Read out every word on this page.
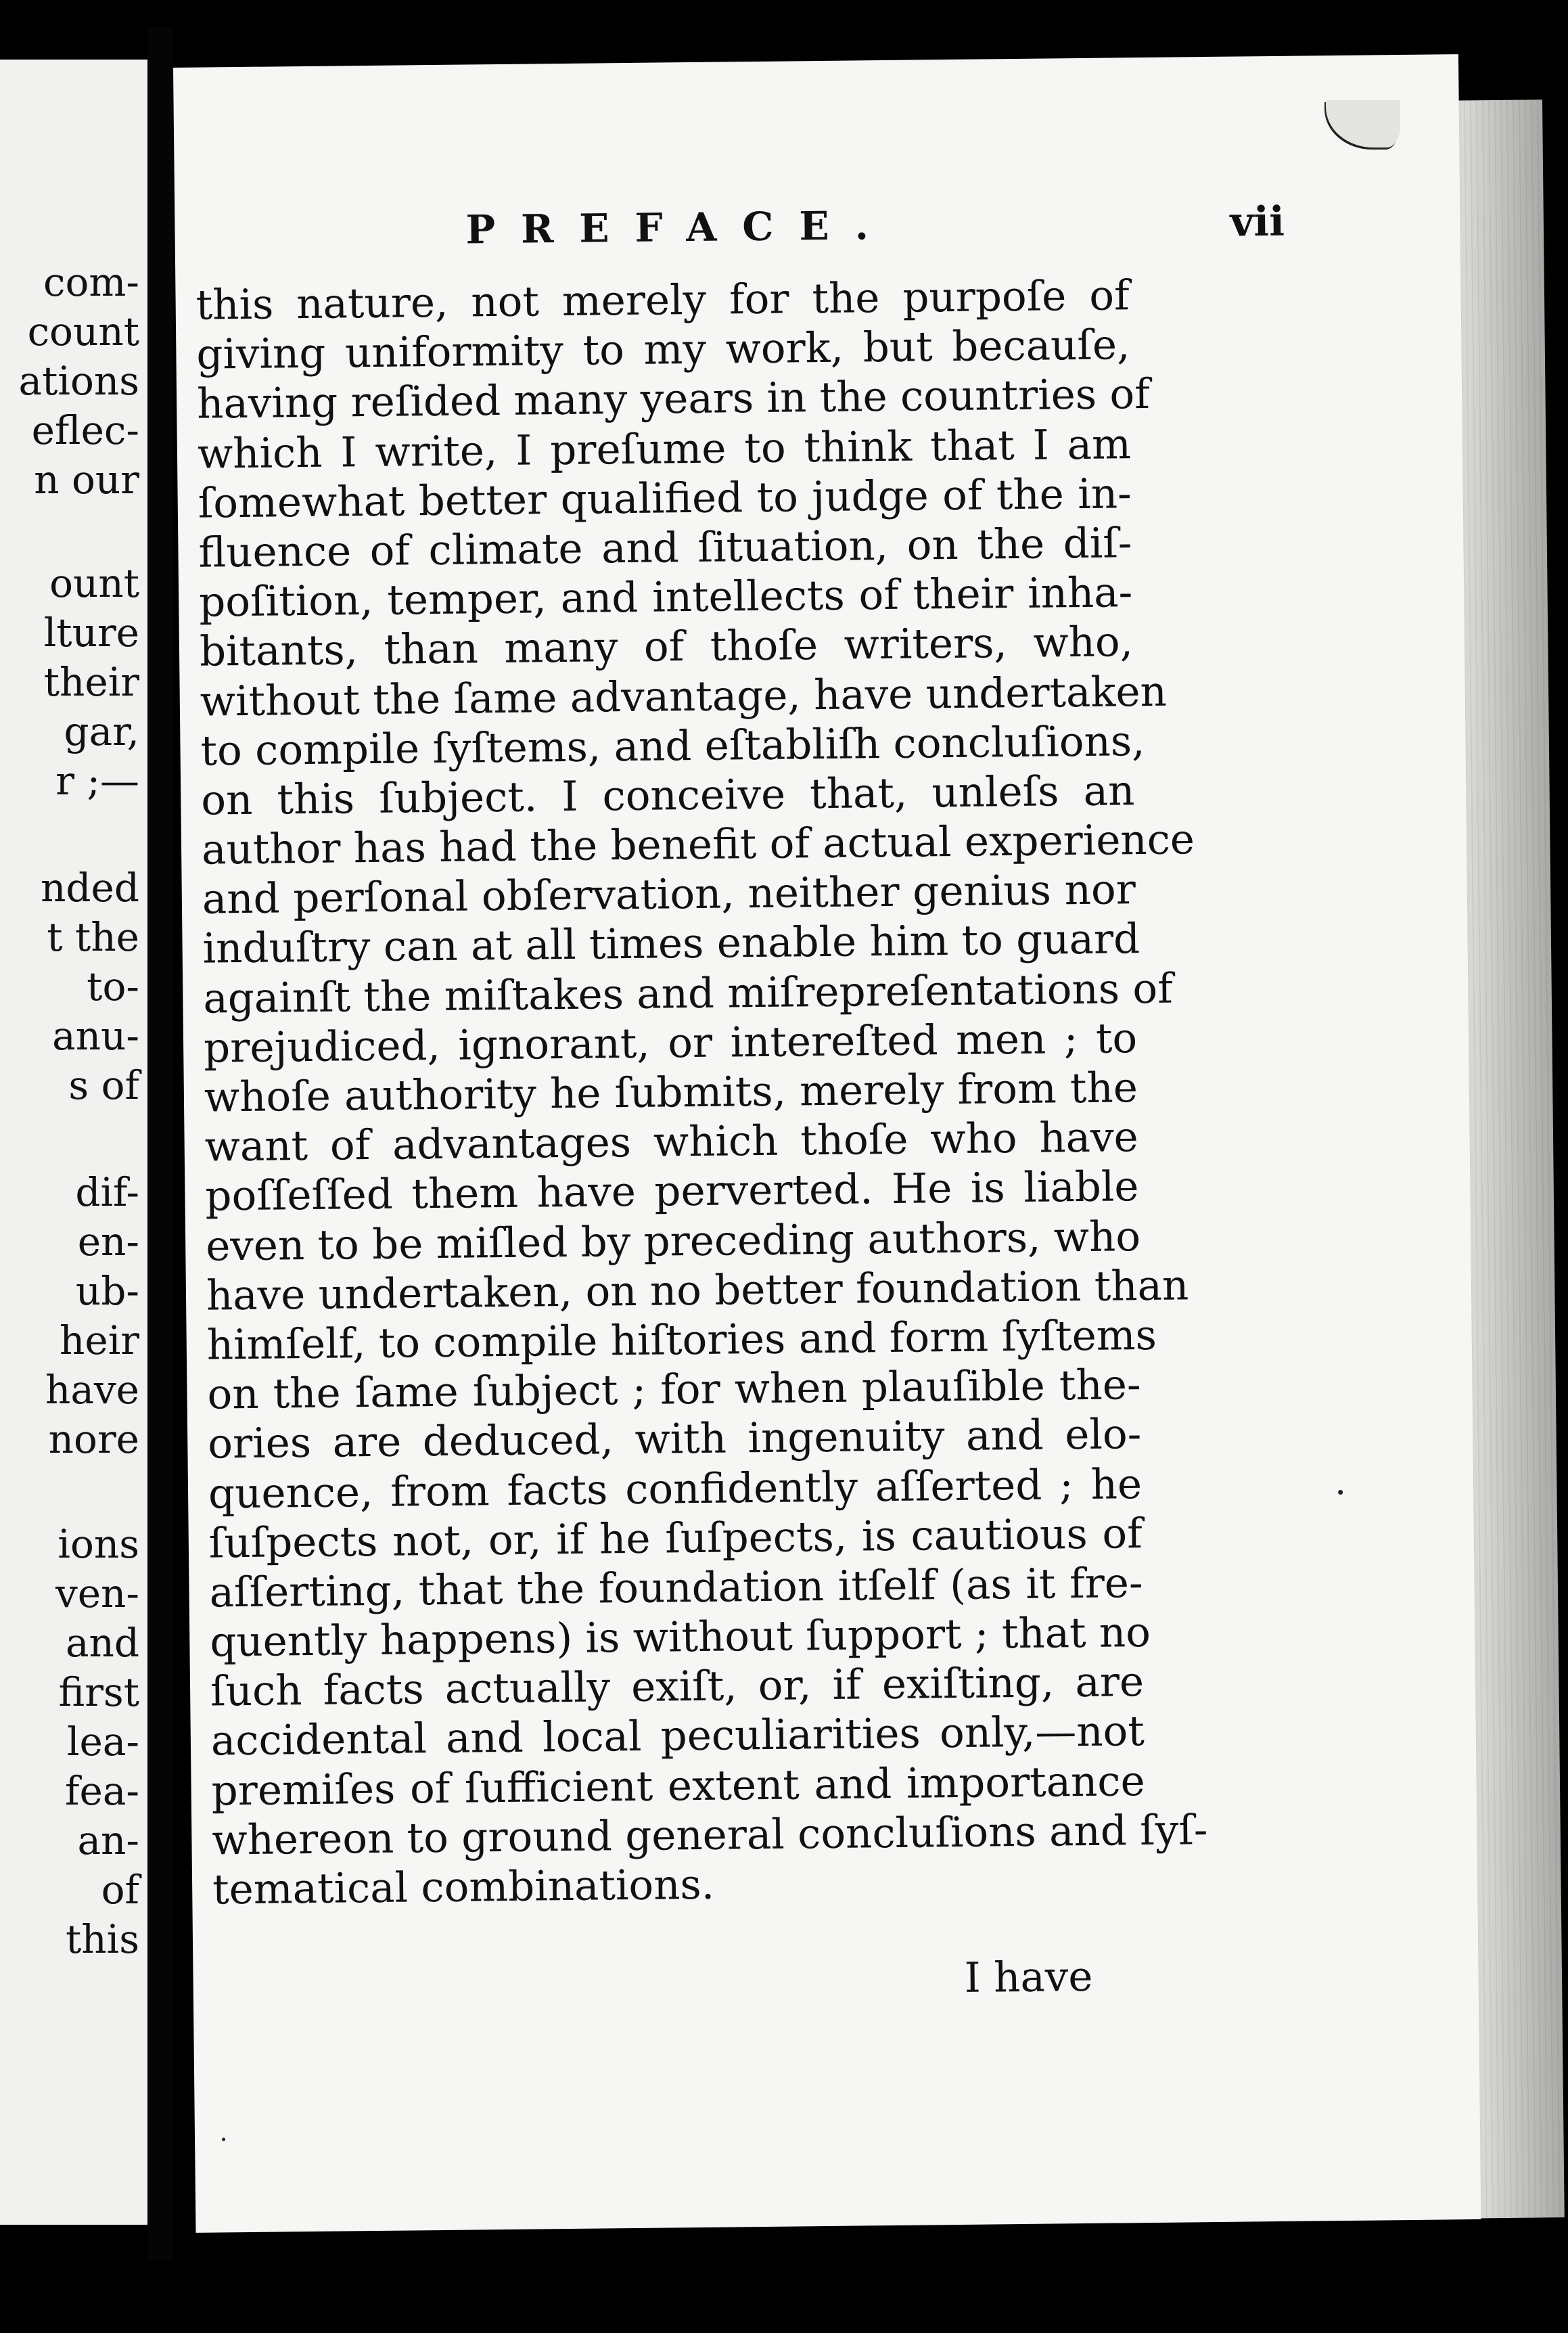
com-
count
ations
eflec-
n our
ount
lture
their
gar,
r ;—
nded
t the
to-
anu-
s of
dif-
en-
ub-
heir
have
nore
ions
ven-
and
first
lea-
fea-
an-
of
this
PREFACE.	vii
this nature, not merely for the purpoſe of
giving uniformity to my work, but becauſe,
having reſided many years in the countries of
which I write, I preſume to think that I am
ſomewhat better qualified to judge of the in-
fluence of climate and ſituation, on the diſ-
poſition, temper, and intellects of their inha-
bitants, than many of thoſe writers, who,
without the ſame advantage, have undertaken
to compile ſyſtems, and eſtabliſh concluſions,
on this ſubject. I conceive that, unleſs an
author has had the benefit of actual experience
and perſonal obſervation, neither genius nor
induſtry can at all times enable him to guard
againſt the miſtakes and miſrepreſentations of
prejudiced, ignorant, or intereſted men ; to
whoſe authority he ſubmits, merely from the
want of advantages which thoſe who have
poſſeſſed them have perverted. He is liable
even to be miſled by preceding authors, who
have undertaken, on no better foundation than
himſelf, to compile hiſtories and form ſyſtems
on the ſame ſubject ; for when plauſible the-
ories are deduced, with ingenuity and elo-
quence, from facts confidently aſſerted ; he
ſuſpects not, or, if he ſuſpects, is cautious of
aſſerting, that the foundation itſelf (as it fre-
quently happens) is without ſupport ; that no
ſuch facts actually exiſt, or, if exiſting, are
accidental and local peculiarities only,—not
premiſes of ſufficient extent and importance
whereon to ground general concluſions and ſyſ-
tematical combinations.
I have
